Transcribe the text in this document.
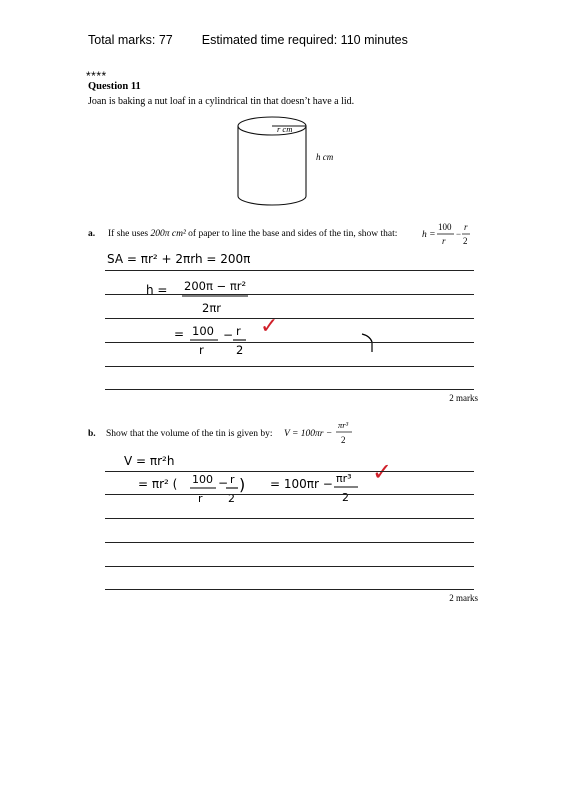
Total marks: 77 Estimated time required: 110 minutes
****
Question 11
Joan is baking a nut loaf in a cylindrical tin that doesn’t have a lid.
r cm
h cm
a. If she uses 200π cm² of paper to line the base and sides of the tin, show that:	h =
100
r
−
r
2
SA = πr² + 2πrh = 200π
h = 200π − πr²
2πr
= 100
r
− r
2
✓
2 marks
b. Show that the volume of the tin is given by: V = 100πr −
πr³
2
V = πr²h
= πr² ( 100
r
− r
2
) = 100πr − πr³
2
✓
2 marks
